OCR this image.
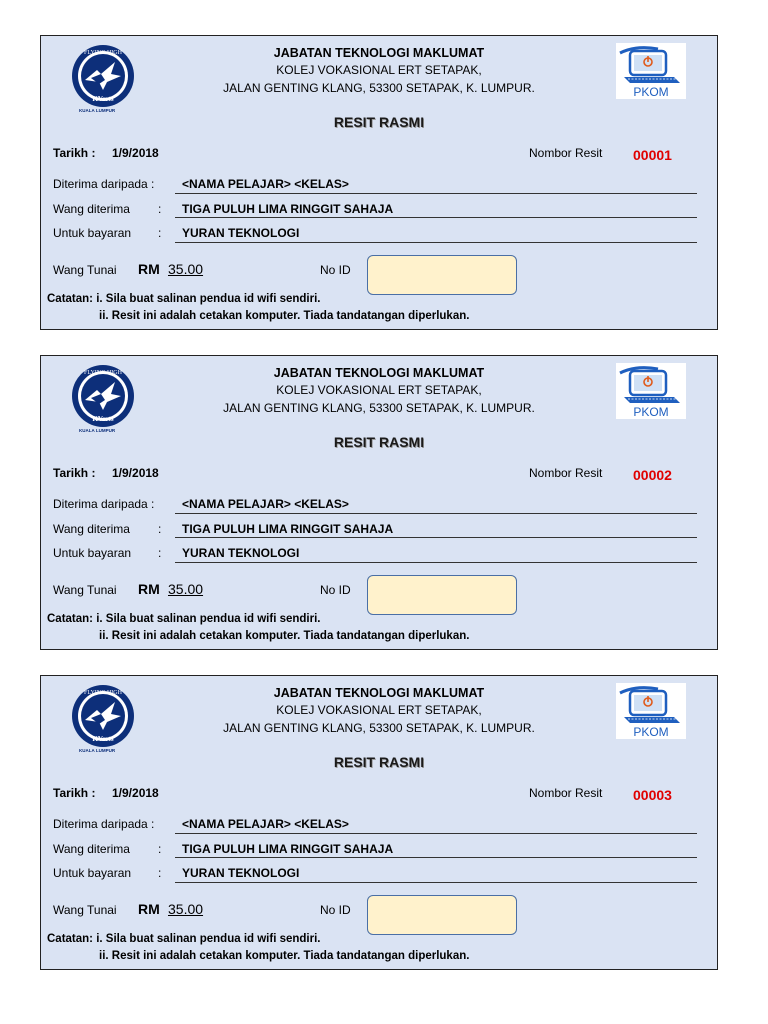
FLYING HIGH
KVerts
KUALA LUMPUR
PKOM
JABATAN TEKNOLOGI MAKLUMAT
KOLEJ VOKASIONAL ERT SETAPAK,
JALAN GENTING KLANG, 53300 SETAPAK, K. LUMPUR.
RESIT RASMI
Tarikh : 1/9/2018	Nombor Resit 00001
Diterima daripada : <NAMA PELAJAR> <KELAS>
Wang diterima : TIGA PULUH LIMA RINGGIT SAHAJA
Untuk bayaran : YURAN TEKNOLOGI
Wang Tunai RM 35.00	No ID
Catatan: i. Sila buat salinan pendua id wifi sendiri.
ii. Resit ini adalah cetakan komputer. Tiada tandatangan diperlukan.
FLYING HIGH
KVerts
KUALA LUMPUR
PKOM
JABATAN TEKNOLOGI MAKLUMAT
KOLEJ VOKASIONAL ERT SETAPAK,
JALAN GENTING KLANG, 53300 SETAPAK, K. LUMPUR.
RESIT RASMI
Tarikh : 1/9/2018	Nombor Resit 00002
Diterima daripada : <NAMA PELAJAR> <KELAS>
Wang diterima : TIGA PULUH LIMA RINGGIT SAHAJA
Untuk bayaran : YURAN TEKNOLOGI
Wang Tunai RM 35.00	No ID
Catatan: i. Sila buat salinan pendua id wifi sendiri.
ii. Resit ini adalah cetakan komputer. Tiada tandatangan diperlukan.
FLYING HIGH
KVerts
KUALA LUMPUR
PKOM
JABATAN TEKNOLOGI MAKLUMAT
KOLEJ VOKASIONAL ERT SETAPAK,
JALAN GENTING KLANG, 53300 SETAPAK, K. LUMPUR.
RESIT RASMI
Tarikh : 1/9/2018	Nombor Resit 00003
Diterima daripada : <NAMA PELAJAR> <KELAS>
Wang diterima : TIGA PULUH LIMA RINGGIT SAHAJA
Untuk bayaran : YURAN TEKNOLOGI
Wang Tunai RM 35.00	No ID
Catatan: i. Sila buat salinan pendua id wifi sendiri.
ii. Resit ini adalah cetakan komputer. Tiada tandatangan diperlukan.
